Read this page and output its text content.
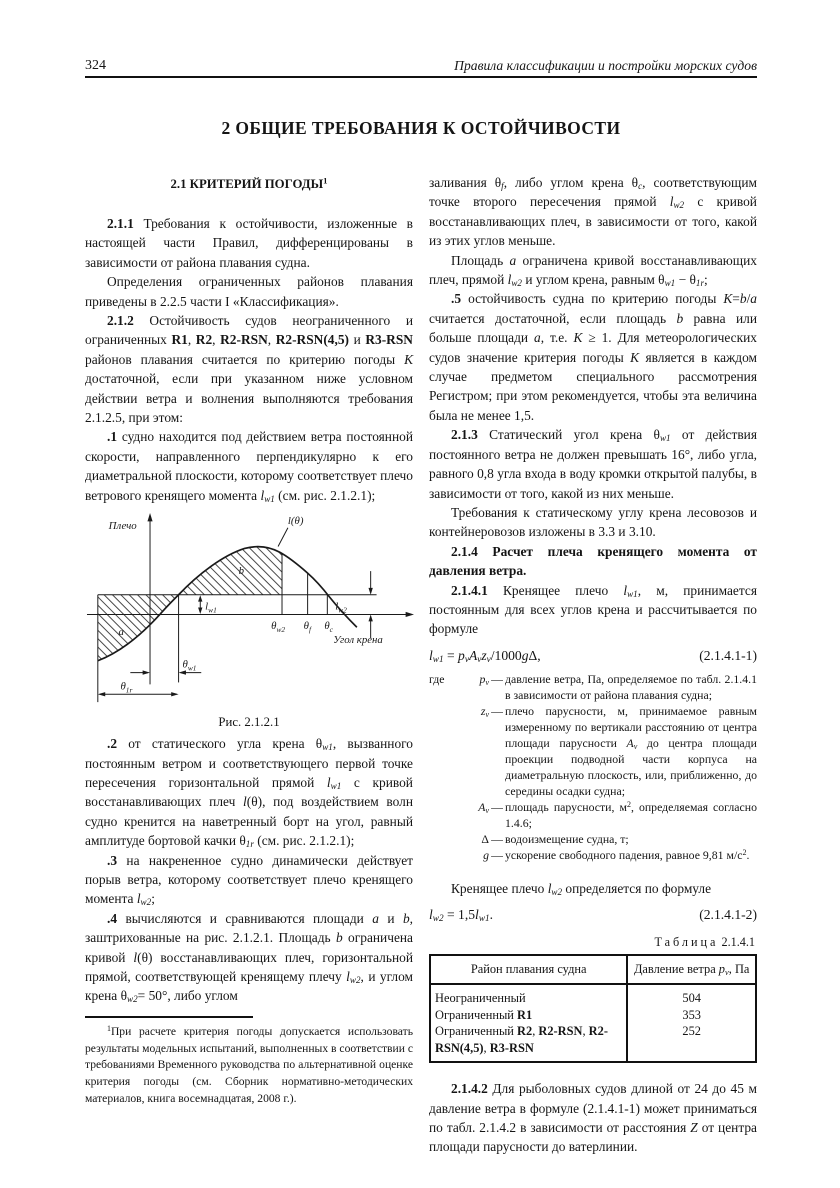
324	Правила классификации и постройки морских судов
2 ОБЩИЕ ТРЕБОВАНИЯ К ОСТОЙЧИВОСТИ
2.1 КРИТЕРИЙ ПОГОДЫ$^1$

2.1.1 Требования к остойчивости, изложенные в настоящей части Правил, дифференцированы в зависимости от района плавания судна.

Определения ограниченных районов плавания приведены в 2.2.5 части I «Классификация».

2.1.2 Остойчивость судов неограниченного и ограниченных R1, R2, R2-RSN, R2-RSN(4,5) и R3-RSN районов плавания считается по критерию погоды K достаточной, если при указанном ниже условном действии ветра и волнения выполняются требования 2.1.2.5, при этом:

.1 судно находится под действием ветра постоянной скорости, направленного перпендикулярно к его диаметральной плоскости, которому соответствует плечо ветрового кренящего момента $l_{w1}$ (см. рис. 2.1.2.1);

Плечо	l(θ)
b
a
$l_{w1}$	$l_{w2}$
$\theta_{w2}$ $\theta_f$ $\theta_c$
Угол крена
$\theta_{w1}$
$\theta_{1r}$
Рис. 2.1.2.1

.2 от статического угла крена $\theta_{w1}$, вызванного постоянным ветром и соответствующего первой точке пересечения горизонтальной прямой $l_{w1}$ с кривой восстанавливающих плеч l(θ), под воздействием волн судно кренится на наветренный борт на угол, равный амплитуде бортовой качки $\theta_{1r}$ (см. рис. 2.1.2.1);

.3 на накрененное судно динамически действует порыв ветра, которому соответствует плечо кренящего момента $l_{w2}$;

.4 вычисляются и сравниваются площади a и b, заштрихованные на рис. 2.1.2.1. Площадь b ограничена кривой l(θ) восстанавливающих плеч, горизонтальной прямой, соответствующей кренящему плечу $l_{w2}$, и углом крена $\theta_{w2}= 50^\circ$, либо углом

$^1$При расчете критерия погоды допускается использовать результаты модельных испытаний, выполненных в соответствии с требованиями Временного руководства по альтернативной оценке критерия погоды (см. Сборник нормативно-методических материалов, книга восемнадцатая, 2008 г.).

заливания $\theta_f$, либо углом крена $\theta_c$, соответствующим точке второго пересечения прямой $l_{w2}$ с кривой восстанавливающих плеч, в зависимости от того, какой из этих углов меньше.

Площадь a ограничена кривой восстанавливающих плеч, прямой $l_{w2}$ и углом крена, равным $\theta_{w1} - \theta_{1r}$;

.5 остойчивость судна по критерию погоды K=b/a считается достаточной, если площадь b равна или больше площади a, т.е. K ≥ 1. Для метеорологических судов значение критерия погоды K является в каждом случае предметом специального рассмотрения Регистром; при этом рекомендуется, чтобы эта величина была не менее 1,5.

2.1.3 Статический угол крена $\theta_{w1}$ от действия постоянного ветра не должен превышать 16°, либо угла, равного 0,8 угла входа в воду кромки открытой палубы, в зависимости от того, какой из них меньше.

Требования к статическому углу крена лесовозов и контейнеровозов изложены в 3.3 и 3.10.

2.1.4 Расчет плеча кренящего момента от давления ветра.

2.1.4.1 Кренящее плечо $l_{w1}$, м, принимается постоянным для всех углов крена и рассчитывается по формуле

$l_{w1} = p_vA_vz_v/1000g\Delta$,	(2.1.4.1-1)
где	$p_v$ — давление ветра, Па, определяемое по табл. 2.1.4.1 в зависимости от района плавания судна;
$z_v$ — плечо парусности, м, принимаемое равным измеренному по вертикали расстоянию от центра площади парусности $A_v$ до центра площади проекции подводной части корпуса на диаметральную плоскость, или, приближенно, до середины осадки судна;
$A_v$ — площадь парусности, $м^2$, определяемая согласно 1.4.6;
Δ — водоизмещение судна, т;
g — ускорение свободного падения, равное 9,81 $м/с^2$.

Кренящее плечо $l_{w2}$ определяется по формуле

$l_{w2} = 1,5l_{w1}$.	(2.1.4.1-2)
Таблица 2.1.4.1
Район плавания судна	Давление ветра $p_v$, Па
Неограниченный	504
Ограниченный R1	353
Ограниченный R2, R2-RSN, R2-RSN(4,5), R3-RSN	252

2.1.4.2 Для рыболовных судов длиной от 24 до 45 м давление ветра в формуле (2.1.4.1-1) может приниматься по табл. 2.1.4.2 в зависимости от расстояния Z от центра площади парусности до ватерлинии.
